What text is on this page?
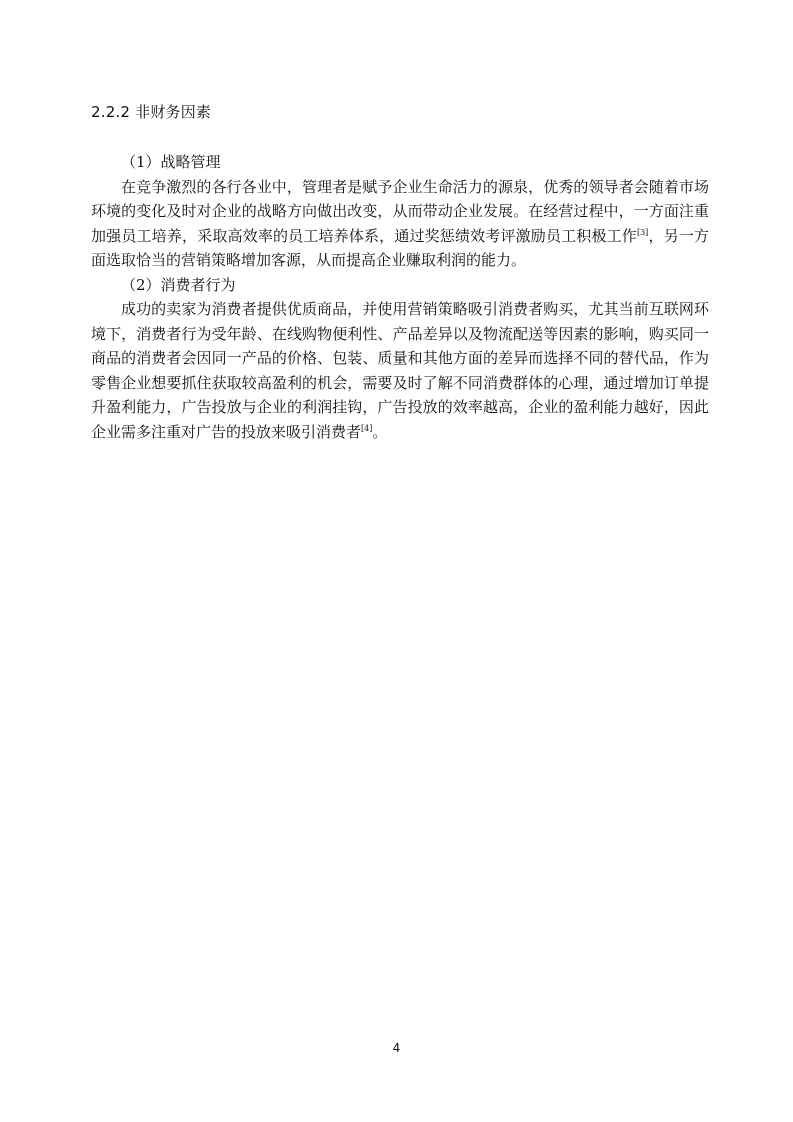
2.2.2 非财务因素

（1）战略管理

在竞争激烈的各行各业中，管理者是赋予企业生命活力的源泉，优秀的领导者会随着市场环境的变化及时对企业的战略方向做出改变，从而带动企业发展。在经营过程中，一方面注重加强员工培养，采取高效率的员工培养体系，通过奖惩绩效考评激励员工积极工作[3]，另一方面选取恰当的营销策略增加客源，从而提高企业赚取利润的能力。

（2）消费者行为

成功的卖家为消费者提供优质商品，并使用营销策略吸引消费者购买，尤其当前互联网环境下，消费者行为受年龄、在线购物便利性、产品差异以及物流配送等因素的影响，购买同一商品的消费者会因同一产品的价格、包装、质量和其他方面的差异而选择不同的替代品，作为零售企业想要抓住获取较高盈利的机会，需要及时了解不同消费群体的心理，通过增加订单提升盈利能力，广告投放与企业的利润挂钩，广告投放的效率越高，企业的盈利能力越好，因此企业需多注重对广告的投放来吸引消费者[4]。

4
